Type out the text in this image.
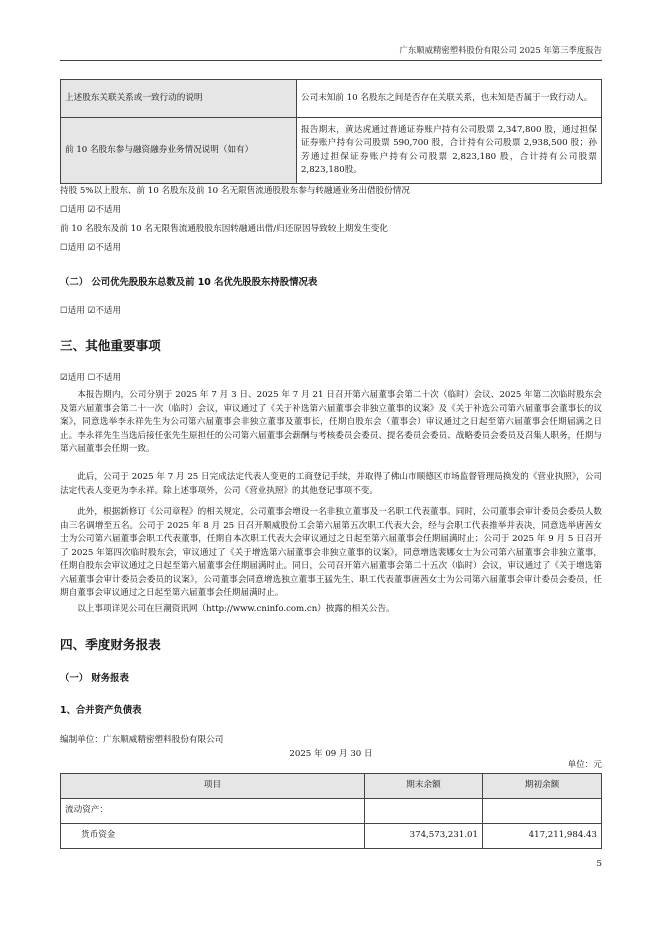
广东顺威精密塑料股份有限公司 2025 年第三季度报告
上述股东关联关系或一致行动的说明	公司未知前 10 名股东之间是否存在关联关系，也未知是否属于一致行动人。
前 10 名股东参与融资融券业务情况说明（如有）	报告期末，黄达虎通过普通证券账户持有公司股票 2,347,800 股，通过担保证券账户持有公司股票 590,700 股，合计持有公司股票 2,938,500 股；孙芳通过担保证券账户持有公司股票 2,823,180 股，合计持有公司股票 2,823,180股。
持股 5%以上股东、前 10 名股东及前 10 名无限售流通股股东参与转融通业务出借股份情况
☐适用 ☑不适用
前 10 名股东及前 10 名无限售流通股股东因转融通出借/归还原因导致较上期发生变化
☐适用 ☑不适用
（二） 公司优先股股东总数及前 10 名优先股股东持股情况表
☐适用 ☑不适用
三、其他重要事项
☑适用 ☐不适用
本报告期内，公司分别于 2025 年 7 月 3 日、2025 年 7 月 21 日召开第六届董事会第二十次（临时）会议、2025 年第二次临时股东会及第六届董事会第二十一次（临时）会议，审议通过了《关于补选第六届董事会非独立董事的议案》及《关于补选公司第六届董事会董事长的议案》，同意选举李永祥先生为公司第六届董事会非独立董事及董事长，任期自股东会（董事会）审议通过之日起至第六届董事会任期届满之日止。李永祥先生当选后接任张先生原担任的公司第六届董事会薪酬与考核委员会委员、提名委员会委员、战略委员会委员及召集人职务，任期与第六届董事会任期一致。
此后，公司于 2025 年 7 月 25 日完成法定代表人变更的工商登记手续，并取得了佛山市顺德区市场监督管理局换发的《营业执照》，公司法定代表人变更为李永祥。除上述事项外，公司《营业执照》的其他登记事项不变。
此外，根据新修订《公司章程》的相关规定，公司董事会增设一名非独立董事及一名职工代表董事。同时，公司董事会审计委员会委员人数由三名调增至五名。公司于 2025 年 8 月 25 日召开顺威股份工会第六届第五次职工代表大会，经与会职工代表推举并表决，同意选举唐茜女士为公司第六届董事会职工代表董事，任期自本次职工代表大会审议通过之日起至第六届董事会任期届满时止；公司于 2025 年 9 月 5 日召开了 2025 年第四次临时股东会，审议通过了《关于增选第六届董事会非独立董事的议案》，同意增选裴娜女士为公司第六届董事会非独立董事，任期自股东会审议通过之日起至第六届董事会任期届满时止。同日，公司召开第六届董事会第二十五次（临时）会议，审议通过了《关于增选第六届董事会审计委员会委员的议案》，公司董事会同意增选独立董事王猛先生、职工代表董事唐茜女士为公司第六届董事会审计委员会委员，任期自董事会审议通过之日起至第六届董事会任期届满时止。
以上事项详见公司在巨潮资讯网（http://www.cninfo.com.cn）披露的相关公告。
四、季度财务报表
（一） 财务报表
1、合并资产负债表
编制单位：广东顺威精密塑料股份有限公司
2025 年 09 月 30 日
单位：元
项目	期末余额	期初余额
流动资产：		
货币资金	374,573,231.01	417,211,984.43
5
